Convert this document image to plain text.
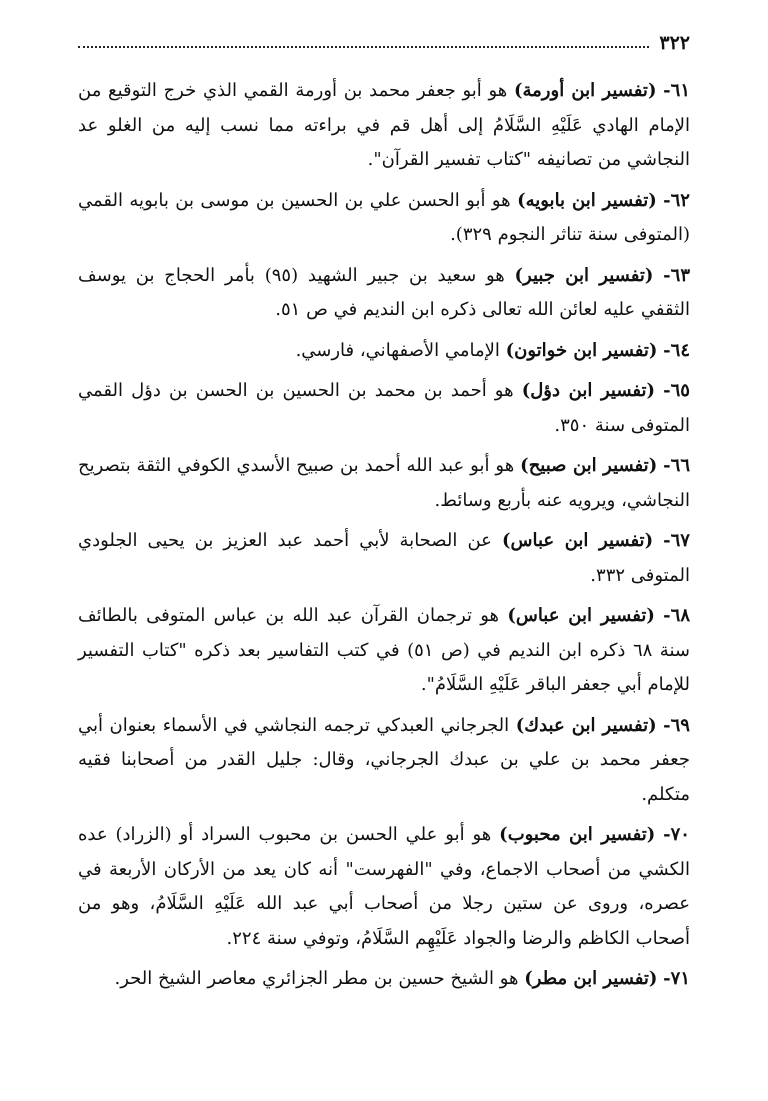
٣٢٢

٦١- ( تفسير ابن أورمة ) هو أبو جعفر محمد بن أورمة القمي الذي خرج التوقيع من الإمام الهادي عَلَيْهِ السَّلَامُ إلى أهل قم في براءته مما نسب إليه من الغلو عد النجاشي من تصانيفه "كتاب تفسير القرآن".

٦٢- ( تفسير ابن بابويه ) هو أبو الحسن علي بن الحسين بن موسى بن بابويه القمي (المتوفى سنة تناثر النجوم ٣٢٩).

٦٣- ( تفسير ابن جبير ) هو سعيد بن جبير الشهيد (٩٥) بأمر الحجاج بن يوسف الثقفي عليه لعائن الله تعالى ذكره ابن النديم في ص ٥١.

٦٤- ( تفسير ابن خواتون ) الإمامي الأصفهاني، فارسي.

٦٥- ( تفسير ابن دؤل ) هو أحمد بن محمد بن الحسين بن الحسن بن دؤل القمي المتوفى سنة ٣٥٠.

٦٦- ( تفسير ابن صبيح ) هو أبو عبد الله أحمد بن صبيح الأسدي الكوفي الثقة بتصريح النجاشي، ويرويه عنه بأربع وسائط.

٦٧- ( تفسير ابن عباس ) عن الصحابة لأبي أحمد عبد العزيز بن يحيى الجلودي المتوفى ٣٣٢.

٦٨- ( تفسير ابن عباس ) هو ترجمان القرآن عبد الله بن عباس المتوفى بالطائف سنة ٦٨ ذكره ابن النديم في (ص ٥١) في كتب التفاسير بعد ذكره "كتاب التفسير للإمام أبي جعفر الباقر عَلَيْهِ السَّلَامُ".

٦٩- ( تفسير ابن عبدك ) الجرجاني العبدكي ترجمه النجاشي في الأسماء بعنوان أبي جعفر محمد بن علي بن عبدك الجرجاني، وقال: جليل القدر من أصحابنا فقيه متكلم.

٧٠- ( تفسير ابن محبوب ) هو أبو علي الحسن بن محبوب السراد أو (الزراد) عده الكشي من أصحاب الاجماع، وفي "الفهرست" أنه كان يعد من الأركان الأربعة في عصره، وروى عن ستين رجلا من أصحاب أبي عبد الله عَلَيْهِ السَّلَامُ، وهو من أصحاب الكاظم والرضا والجواد عَلَيْهِم السَّلَامُ، وتوفي سنة ٢٢٤.

٧١- ( تفسير ابن مطر ) هو الشيخ حسين بن مطر الجزائري معاصر الشيخ الحر.
